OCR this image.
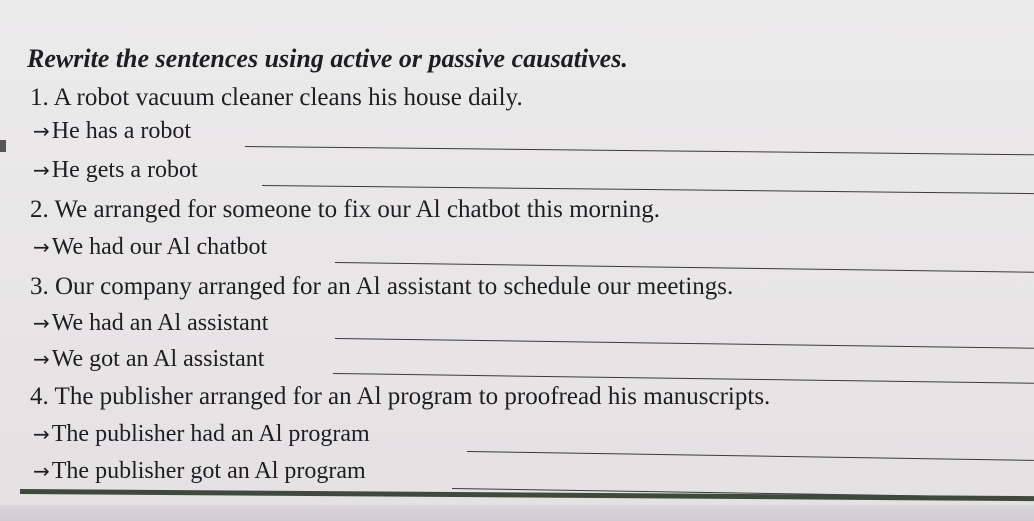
Rewrite the sentences using active or passive causatives.
1. A robot vacuum cleaner cleans his house daily.
→He has a robot
→He gets a robot
2. We arranged for someone to fix our Al chatbot this morning.
→We had our Al chatbot
3. Our company arranged for an Al assistant to schedule our meetings.
→We had an Al assistant
→We got an Al assistant
4. The publisher arranged for an Al program to proofread his manuscripts.
→The publisher had an Al program
→The publisher got an Al program
